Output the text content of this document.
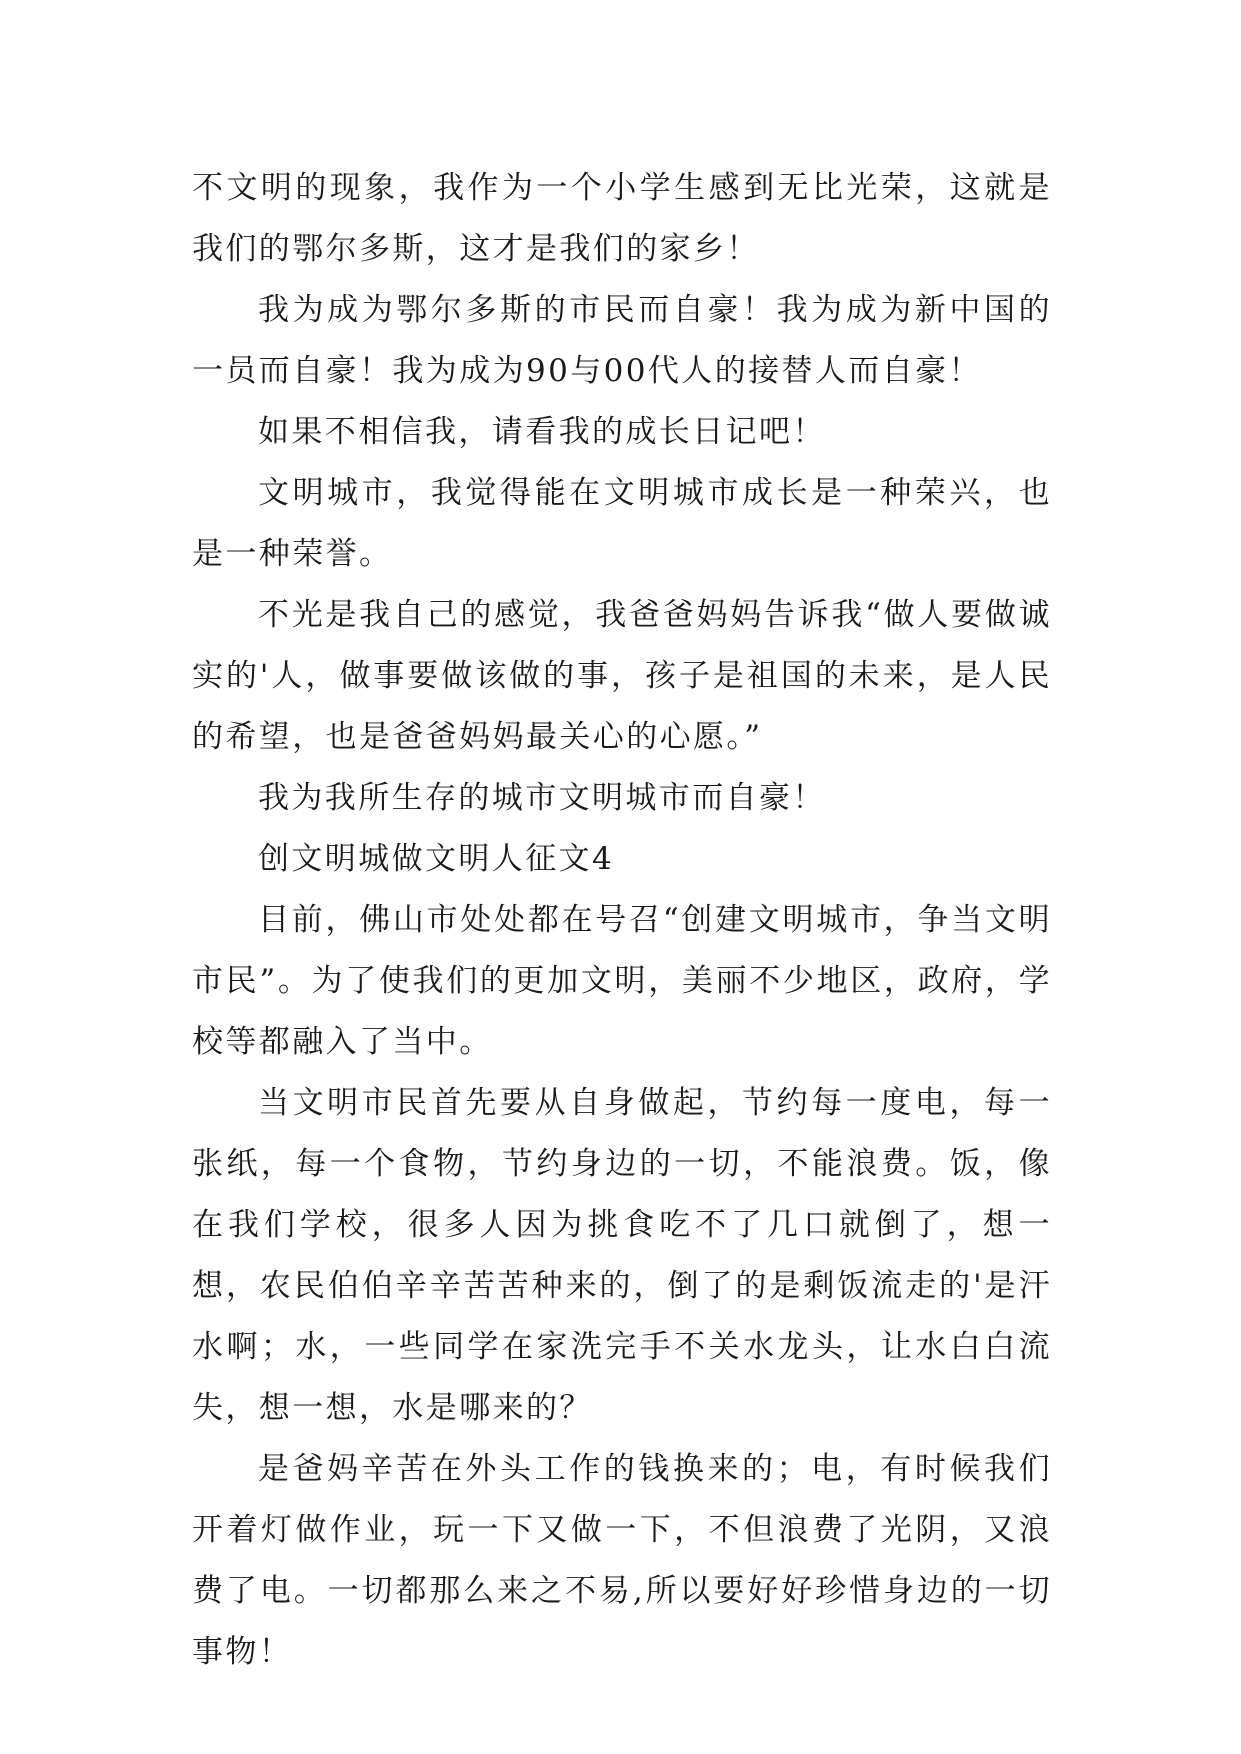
不文明的现象，我作为一个小学生感到无比光荣，这就是我们的鄂尔多斯，这才是我们的家乡！

我为成为鄂尔多斯的市民而自豪！我为成为新中国的一员而自豪！我为成为90与00代人的接替人而自豪！

如果不相信我，请看我的成长日记吧！

文明城市，我觉得能在文明城市成长是一种荣兴，也是一种荣誉。

不光是我自己的感觉，我爸爸妈妈告诉我“做人要做诚实的'人，做事要做该做的事，孩子是祖国的未来，是人民的希望，也是爸爸妈妈最关心的心愿。”

我为我所生存的城市文明城市而自豪！

创文明城做文明人征文4

目前，佛山市处处都在号召“创建文明城市，争当文明市民”。为了使我们的更加文明，美丽不少地区，政府，学校等都融入了当中。

当文明市民首先要从自身做起，节约每一度电，每一张纸，每一个食物，节约身边的一切，不能浪费。饭，像在我们学校，很多人因为挑食吃不了几口就倒了，想一想，农民伯伯辛辛苦苦种来的，倒了的是剩饭流走的'是汗水啊；水，一些同学在家洗完手不关水龙头，让水白白流失，想一想，水是哪来的？

是爸妈辛苦在外头工作的钱换来的；电，有时候我们开着灯做作业，玩一下又做一下，不但浪费了光阴，又浪费了电。一切都那么来之不易,所以要好好珍惜身边的一切事物！
